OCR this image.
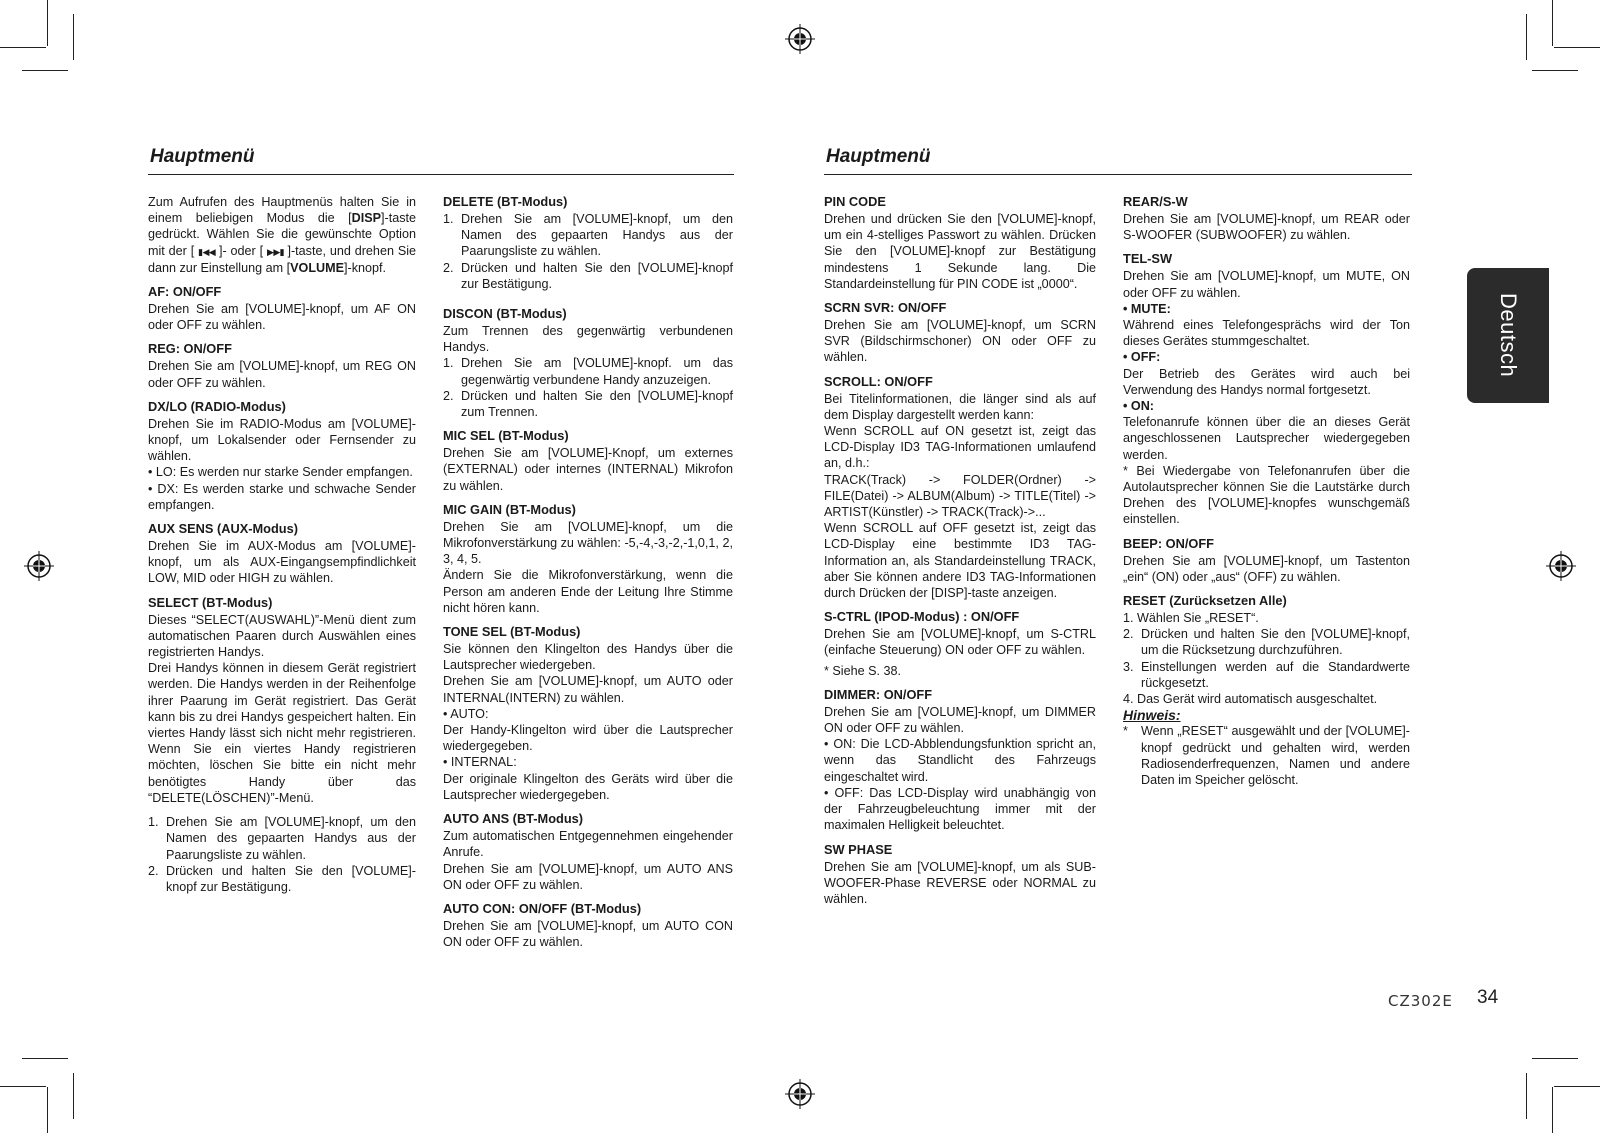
Hauptmenü	Hauptmenü
Deutsch

Zum Aufrufen des Hauptmenüs halten Sie in einem beliebigen Modus die [DISP]-taste gedrückt. Wählen Sie die gewünschte Option mit der [ ▮◀◀ ]- oder [ ▶▶▮ ]-taste, und drehen Sie dann zur Einstellung am [VOLUME]-knopf.

AF: ON/OFF

Drehen Sie am [VOLUME]-knopf, um AF ON oder OFF zu wählen.

REG: ON/OFF

Drehen Sie am [VOLUME]-knopf, um REG ON oder OFF zu wählen.

DX/LO (RADIO-Modus)

Drehen Sie im RADIO-Modus am [VOLUME]-knopf, um Lokalsender oder Fernsender zu wählen.

• LO: Es werden nur starke Sender empfangen.

• DX: Es werden starke und schwache Sender empfangen.

AUX SENS (AUX-Modus)

Drehen Sie im AUX-Modus am [VOLUME]-knopf, um als AUX-Eingangsempfindlichkeit LOW, MID oder HIGH zu wählen.

SELECT (BT-Modus)

Dieses “SELECT(AUSWAHL)”-Menü dient zum automatischen Paaren durch Auswählen eines registrierten Handys.

Drei Handys können in diesem Gerät registriert werden. Die Handys werden in der Reihenfolge ihrer Paarung im Gerät registriert. Das Gerät kann bis zu drei Handys gespeichert halten. Ein viertes Handy lässt sich nicht mehr registrieren. Wenn Sie ein viertes Handy registrieren möchten, löschen Sie bitte ein nicht mehr benötigtes Handy über das “DELETE(LÖSCHEN)”-Menü.

1. Drehen Sie am [VOLUME]-knopf, um den Namen des gepaarten Handys aus der Paarungsliste zu wählen.
2. Drücken und halten Sie den [VOLUME]-knopf zur Bestätigung.
DELETE (BT-Modus)
1. Drehen Sie am [VOLUME]-knopf, um den Namen des gepaarten Handys aus der Paarungsliste zu wählen.
2. Drücken und halten Sie den [VOLUME]-knopf zur Bestätigung.
DISCON (BT-Modus)

Zum Trennen des gegenwärtig verbundenen Handys.

1. Drehen Sie am [VOLUME]-knopf. um das gegenwärtig verbundene Handy anzuzeigen.
2. Drücken und halten Sie den [VOLUME]-knopf zum Trennen.
MIC SEL (BT-Modus)

Drehen Sie am [VOLUME]-Knopf, um externes (EXTERNAL) oder internes (INTERNAL) Mikrofon zu wählen.

MIC GAIN (BT-Modus)

Drehen Sie am [VOLUME]-knopf, um die Mikrofonverstärkung zu wählen: -5,-4,-3,-2,-1,0,1, 2, 3, 4, 5.

Ändern Sie die Mikrofonverstärkung, wenn die Person am anderen Ende der Leitung Ihre Stimme nicht hören kann.

TONE SEL (BT-Modus)

Sie können den Klingelton des Handys über die Lautsprecher wiedergeben.

Drehen Sie am [VOLUME]-knopf, um AUTO oder INTERNAL(INTERN) zu wählen.

• AUTO:

Der Handy-Klingelton wird über die Lautsprecher wiedergegeben.

• INTERNAL:

Der originale Klingelton des Geräts wird über die Lautsprecher wiedergegeben.

AUTO ANS (BT-Modus)

Zum automatischen Entgegennehmen eingehender Anrufe.

Drehen Sie am [VOLUME]-knopf, um AUTO ANS ON oder OFF zu wählen.

AUTO CON: ON/OFF (BT-Modus)

Drehen Sie am [VOLUME]-knopf, um AUTO CON ON oder OFF zu wählen.

PIN CODE

Drehen und drücken Sie den [VOLUME]-knopf, um ein 4-stelliges Passwort zu wählen. Drücken Sie den [VOLUME]-knopf zur Bestätigung mindestens 1 Sekunde lang. Die Standardeinstellung für PIN CODE ist „0000“.

SCRN SVR: ON/OFF

Drehen Sie am [VOLUME]-knopf, um SCRN SVR (Bildschirmschoner) ON oder OFF zu wählen.

SCROLL: ON/OFF

Bei Titelinformationen, die länger sind als auf dem Display dargestellt werden kann:

Wenn SCROLL auf ON gesetzt ist, zeigt das LCD-Display ID3 TAG-Informationen umlaufend an, d.h.:

TRACK(Track) -> FOLDER(Ordner) -> FILE(Datei) -> ALBUM(Album) -> TITLE(Titel) -> ARTIST(Künstler) -> TRACK(Track)->...

Wenn SCROLL auf OFF gesetzt ist, zeigt das LCD-Display eine bestimmte ID3 TAG-Information an, als Standardeinstellung TRACK, aber Sie können andere ID3 TAG-Informationen durch Drücken der [DISP]-taste anzeigen.

S-CTRL (IPOD-Modus) : ON/OFF

Drehen Sie am [VOLUME]-knopf, um S-CTRL (einfache Steuerung) ON oder OFF zu wählen.

* Siehe S. 38.

DIMMER: ON/OFF

Drehen Sie am [VOLUME]-knopf, um DIMMER ON oder OFF zu wählen.

• ON: Die LCD-Abblendungsfunktion spricht an, wenn das Standlicht des Fahrzeugs eingeschaltet wird.

• OFF: Das LCD-Display wird unabhängig von der Fahrzeugbeleuchtung immer mit der maximalen Helligkeit beleuchtet.

SW PHASE

Drehen Sie am [VOLUME]-knopf, um als SUB-WOOFER-Phase REVERSE oder NORMAL zu wählen.

REAR/S-W

Drehen Sie am [VOLUME]-knopf, um REAR oder S-WOOFER (SUBWOOFER) zu wählen.

TEL-SW

Drehen Sie am [VOLUME]-knopf, um MUTE, ON oder OFF zu wählen.

• MUTE:

Während eines Telefongesprächs wird der Ton dieses Gerätes stummgeschaltet.

• OFF:

Der Betrieb des Gerätes wird auch bei Verwendung des Handys normal fortgesetzt.

• ON:

Telefonanrufe können über die an dieses Gerät angeschlossenen Lautsprecher wiedergegeben werden.

* Bei Wiedergabe von Telefonanrufen über die Autolautsprecher können Sie die Lautstärke durch Drehen des [VOLUME]-knopfes wunschgemäß einstellen.

BEEP: ON/OFF

Drehen Sie am [VOLUME]-knopf, um Tastenton „ein“ (ON) oder „aus“ (OFF) zu wählen.

RESET (Zurücksetzen Alle)

1. Wählen Sie „RESET“.

2. Drücken und halten Sie den [VOLUME]-knopf, um die Rücksetzung durchzuführen.
3. Einstellungen werden auf die Standardwerte rückgesetzt.

4. Das Gerät wird automatisch ausgeschaltet.

Hinweis:

*	Wenn „RESET“ ausgewählt und der [VOLUME]-knopf gedrückt und gehalten wird, werden Radiosenderfrequenzen, Namen und andere Daten im Speicher gelöscht.
CZ302E 34
